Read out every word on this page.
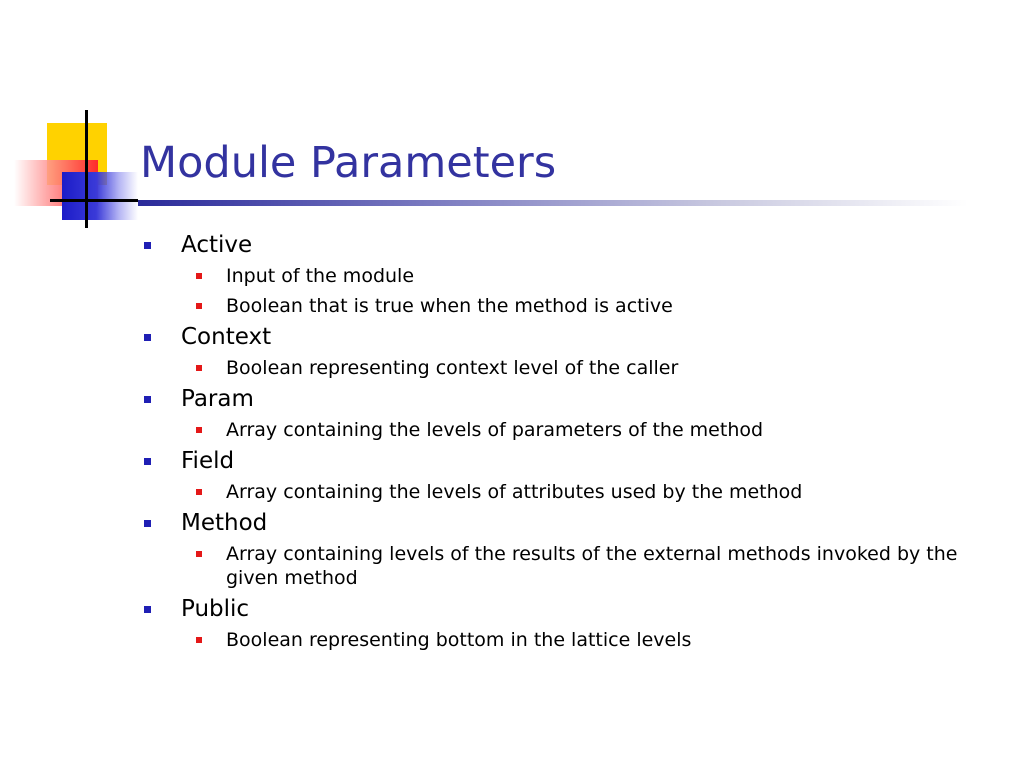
Module Parameters
Active
Input of the module
Boolean that is true when the method is active
Context
Boolean representing context level of the caller
Param
Array containing the levels of parameters of the method
Field
Array containing the levels of attributes used by the method
Method
Array containing levels of the results of the external methods invoked by the given method
Public
Boolean representing bottom in the lattice levels
